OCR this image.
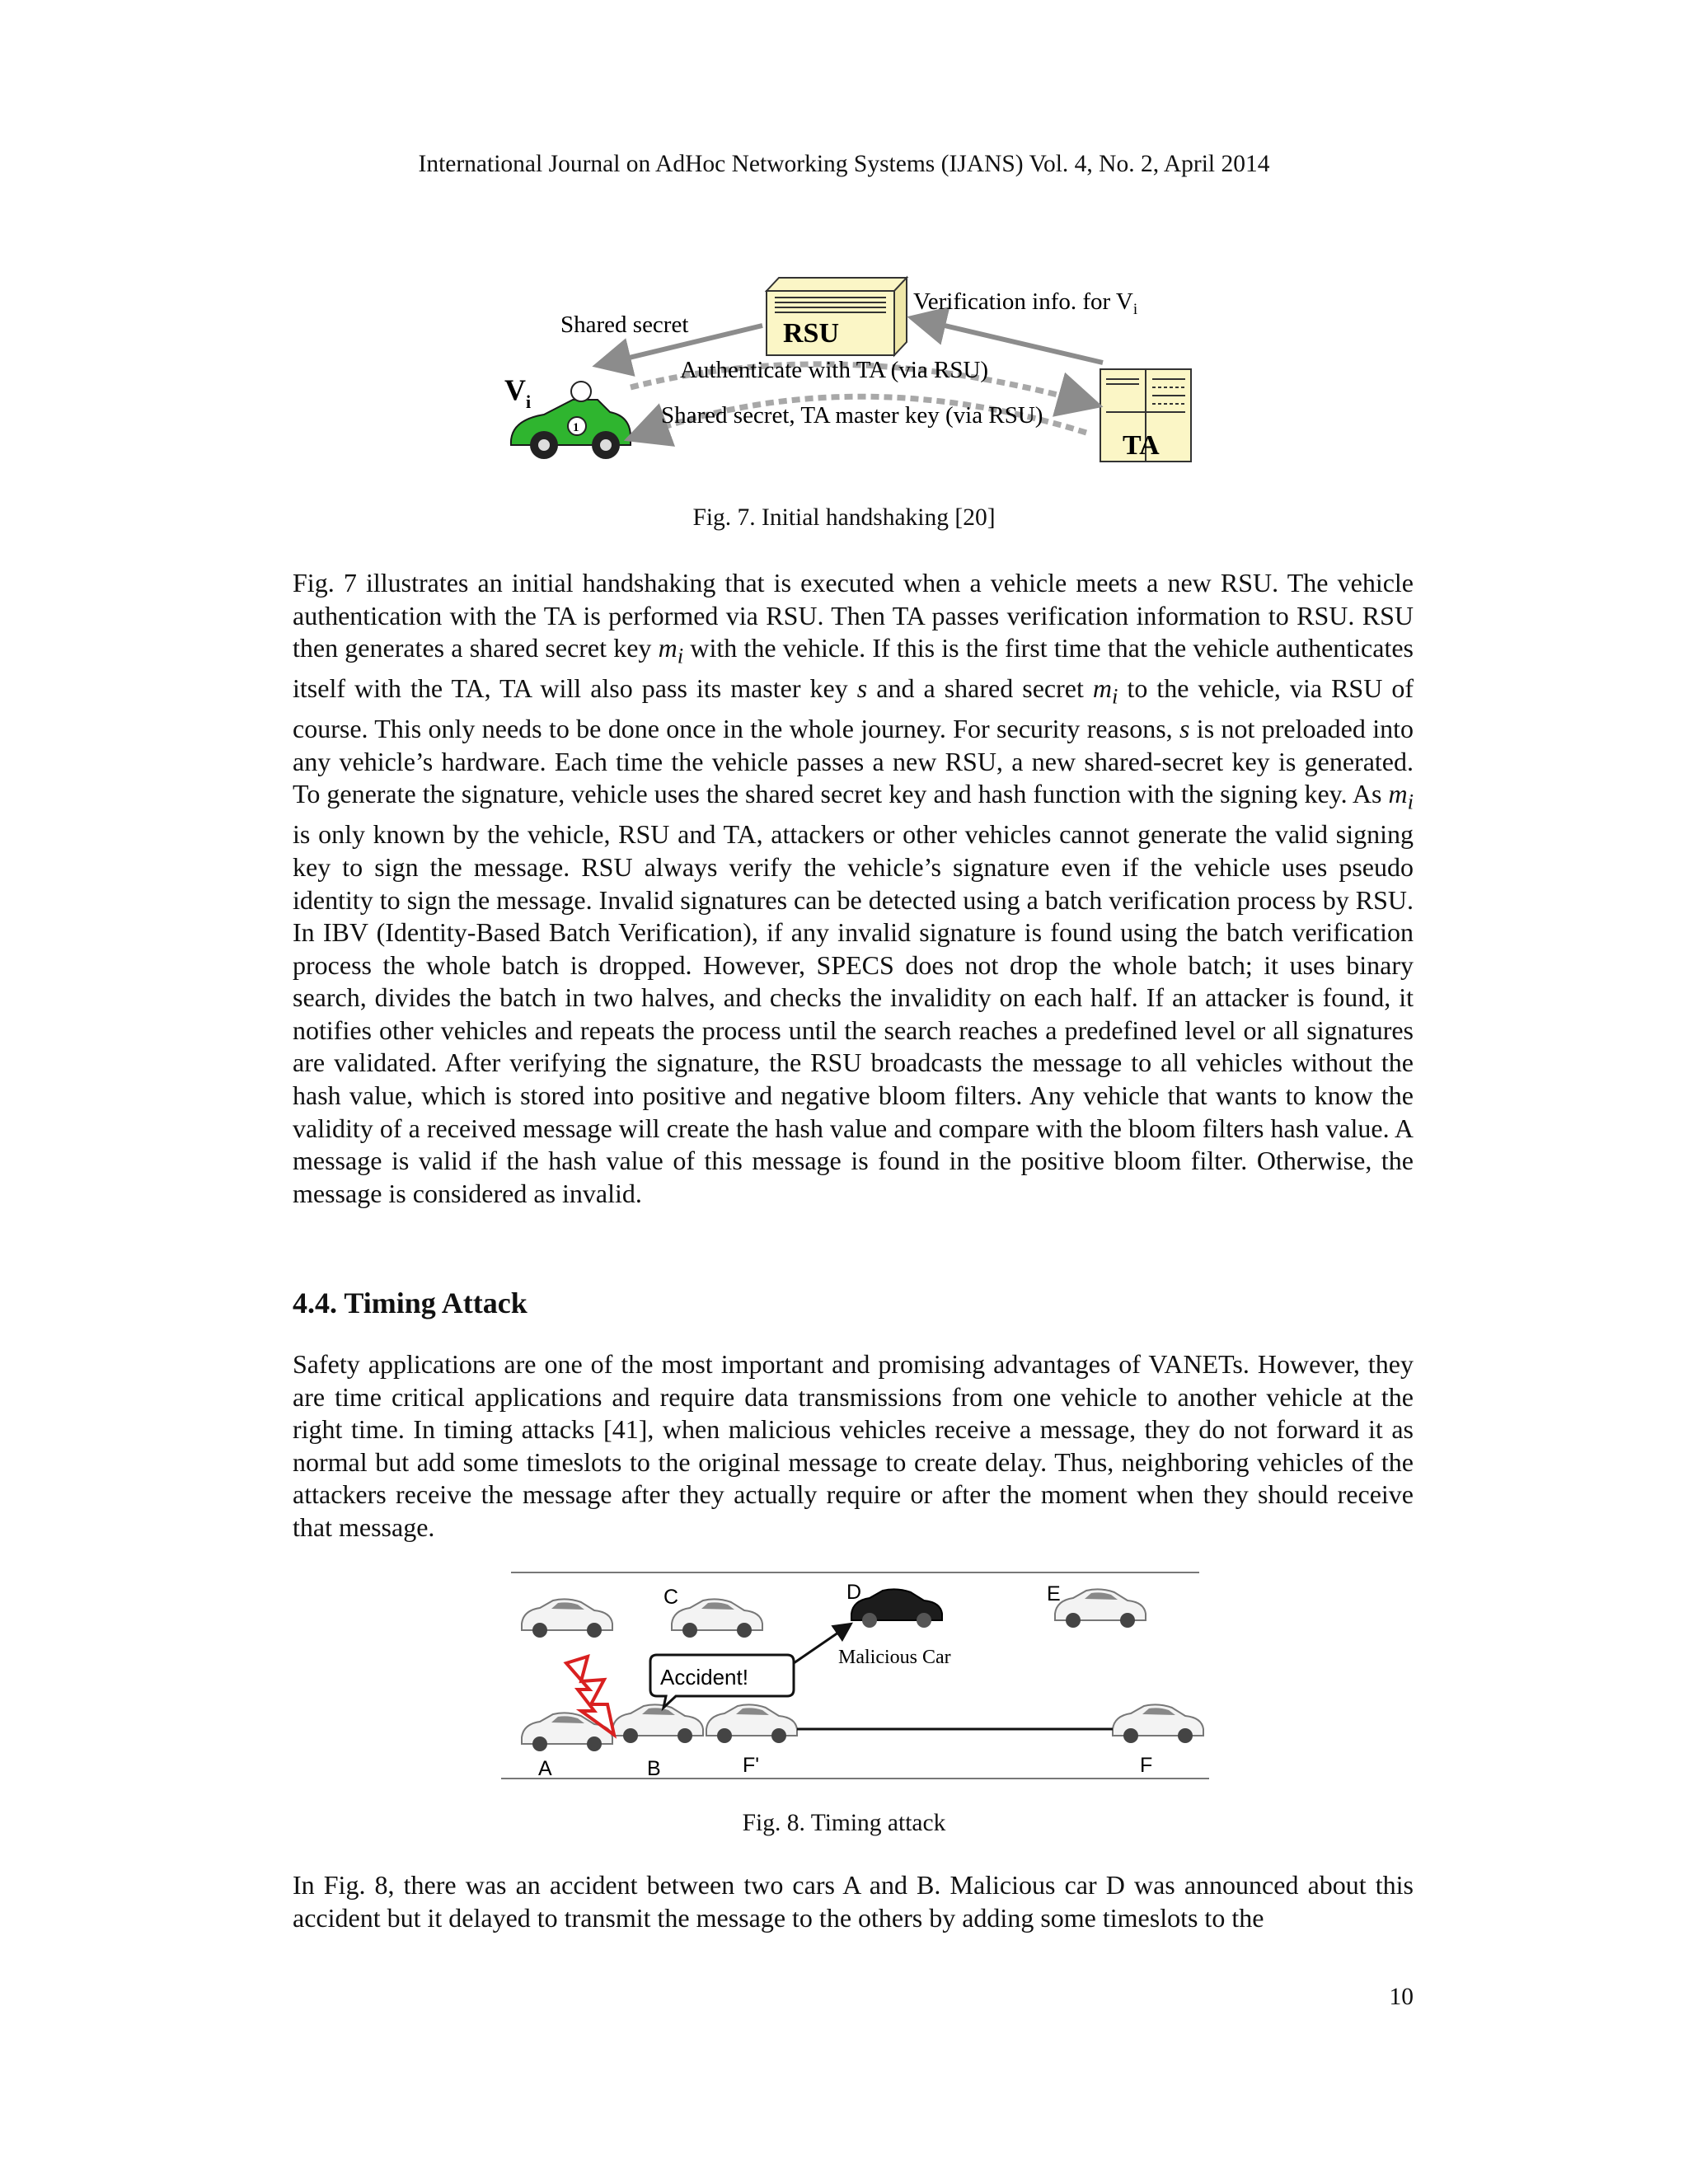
International Journal on AdHoc Networking Systems (IJANS) Vol. 4, No. 2, April 2014
RSU
TA
1
$V_i$
Shared secret
Verification info. for $V_i$
Authenticate with TA (via RSU)
Shared secret, TA master key (via RSU)
Fig. 7. Initial handshaking [20]

Fig. 7 illustrates an initial handshaking that is executed when a vehicle meets a new RSU. The vehicle authentication with the TA is performed via RSU. Then TA passes verification information to RSU. RSU then generates a shared secret key $m_i$ with the vehicle. If this is the first time that the vehicle authenticates itself with the TA, TA will also pass its master key s and a shared secret $m_i$ to the vehicle, via RSU of course. This only needs to be done once in the whole journey. For security reasons, s is not preloaded into any vehicle’s hardware. Each time the vehicle passes a new RSU, a new shared-secret key is generated. To generate the signature, vehicle uses the shared secret key and hash function with the signing key. As $m_i$ is only known by the vehicle, RSU and TA, attackers or other vehicles cannot generate the valid signing key to sign the message. RSU always verify the vehicle’s signature even if the vehicle uses pseudo identity to sign the message. Invalid signatures can be detected using a batch verification process by RSU. In IBV (Identity-Based Batch Verification), if any invalid signature is found using the batch verification process the whole batch is dropped. However, SPECS does not drop the whole batch; it uses binary search, divides the batch in two halves, and checks the invalidity on each half. If an attacker is found, it notifies other vehicles and repeats the process until the search reaches a predefined level or all signatures are validated. After verifying the signature, the RSU broadcasts the message to all vehicles without the hash value, which is stored into positive and negative bloom filters. Any vehicle that wants to know the validity of a received message will create the hash value and compare with the bloom filters hash value. A message is valid if the hash value of this message is found in the positive bloom filter. Otherwise, the message is considered as invalid.

4.4. Timing Attack

Safety applications are one of the most important and promising advantages of VANETs. However, they are time critical applications and require data transmissions from one vehicle to another vehicle at the right time. In timing attacks [41], when malicious vehicles receive a message, they do not forward it as normal but add some timeslots to the original message to create delay. Thus, neighboring vehicles of the attackers receive the message after they actually require or after the moment when they should receive that message.

Accident!
C	D	E
Malicious Car
A	B	F'	F
Fig. 8. Timing attack

In Fig. 8, there was an accident between two cars A and B. Malicious car D was announced about this accident but it delayed to transmit the message to the others by adding some timeslots to the

10
